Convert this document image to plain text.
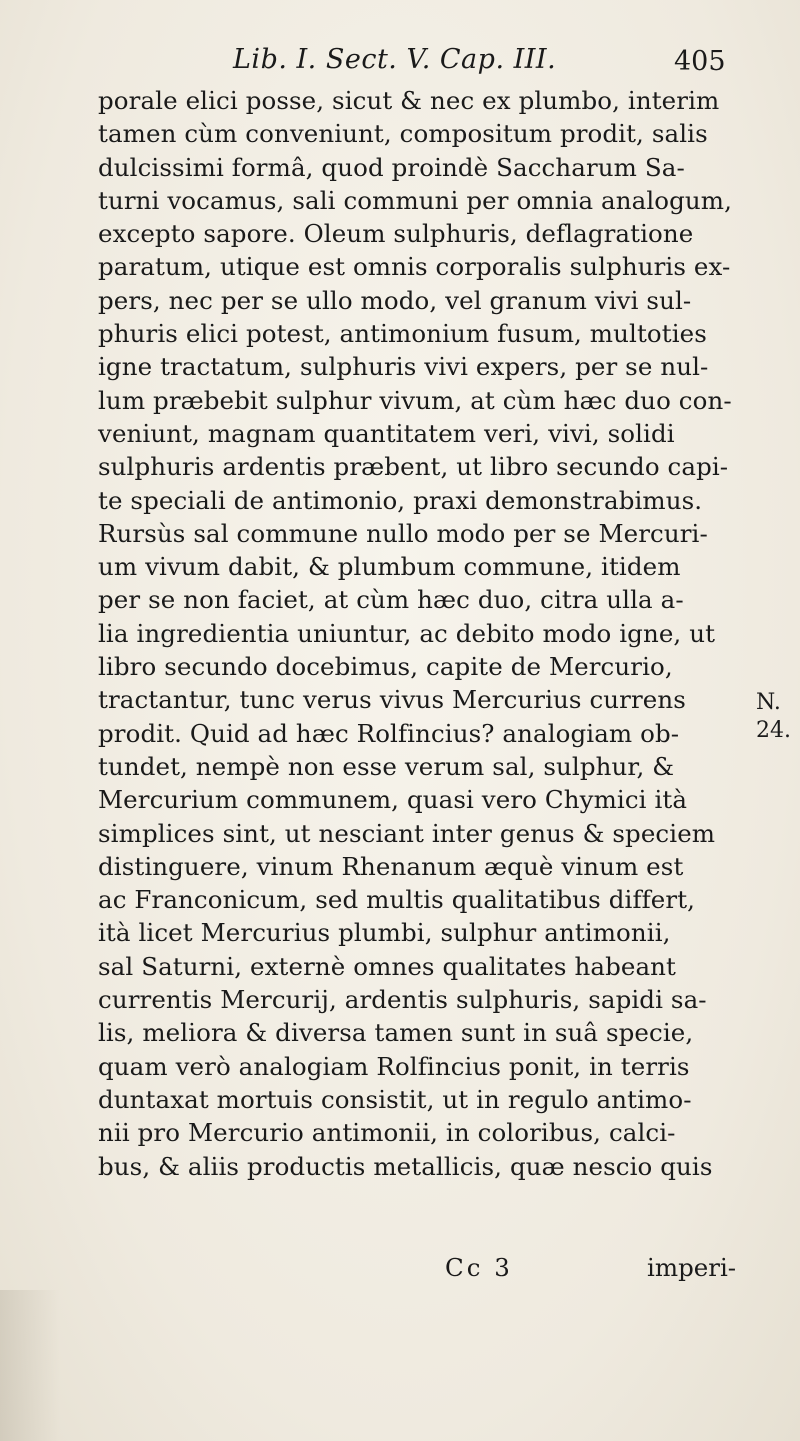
Lib. I. Sect. V. Cap. III.	405
porale elici posse, sicut & nec ex plumbo, interim
tamen cùm conveniunt, compositum prodit, salis
dulcissimi formâ, quod proindè Saccharum Sa-
turni vocamus, sali communi per omnia analogum,
excepto sapore. Oleum sulphuris, deflagratione
paratum, utique est omnis corporalis sulphuris ex-
pers, nec per se ullo modo, vel granum vivi sul-
phuris elici potest, antimonium fusum, multoties
igne tractatum, sulphuris vivi expers, per se nul-
lum præbebit sulphur vivum, at cùm hæc duo con-
veniunt, magnam quantitatem veri, vivi, solidi
sulphuris ardentis præbent, ut libro secundo capi-
te speciali de antimonio, praxi demonstrabimus.
Rursùs sal commune nullo modo per se Mercuri-
um vivum dabit, & plumbum commune, itidem
per se non faciet, at cùm hæc duo, citra ulla a-
lia ingredientia uniuntur, ac debito modo igne, ut
libro secundo docebimus, capite de Mercurio,
tractantur, tunc verus vivus Mercurius currens
prodit. Quid ad hæc Rolfincius? analogiam ob-
tundet, nempè non esse verum sal, sulphur, &
Mercurium communem, quasi vero Chymici ità
simplices sint, ut nesciant inter genus & speciem
distinguere, vinum Rhenanum æquè vinum est
ac Franconicum, sed multis qualitatibus differt,
ità licet Mercurius plumbi, sulphur antimonii,
sal Saturni, externè omnes qualitates habeant
currentis Mercurij, ardentis sulphuris, sapidi sa-
lis, meliora & diversa tamen sunt in suâ specie,
quam verò analogiam Rolfincius ponit, in terris
duntaxat mortuis consistit, ut in regulo antimo-
nii pro Mercurio antimonii, in coloribus, calci-
bus, & aliis productis metallicis, quæ nescio quis
N.
24.
Cc 3	imperi-
